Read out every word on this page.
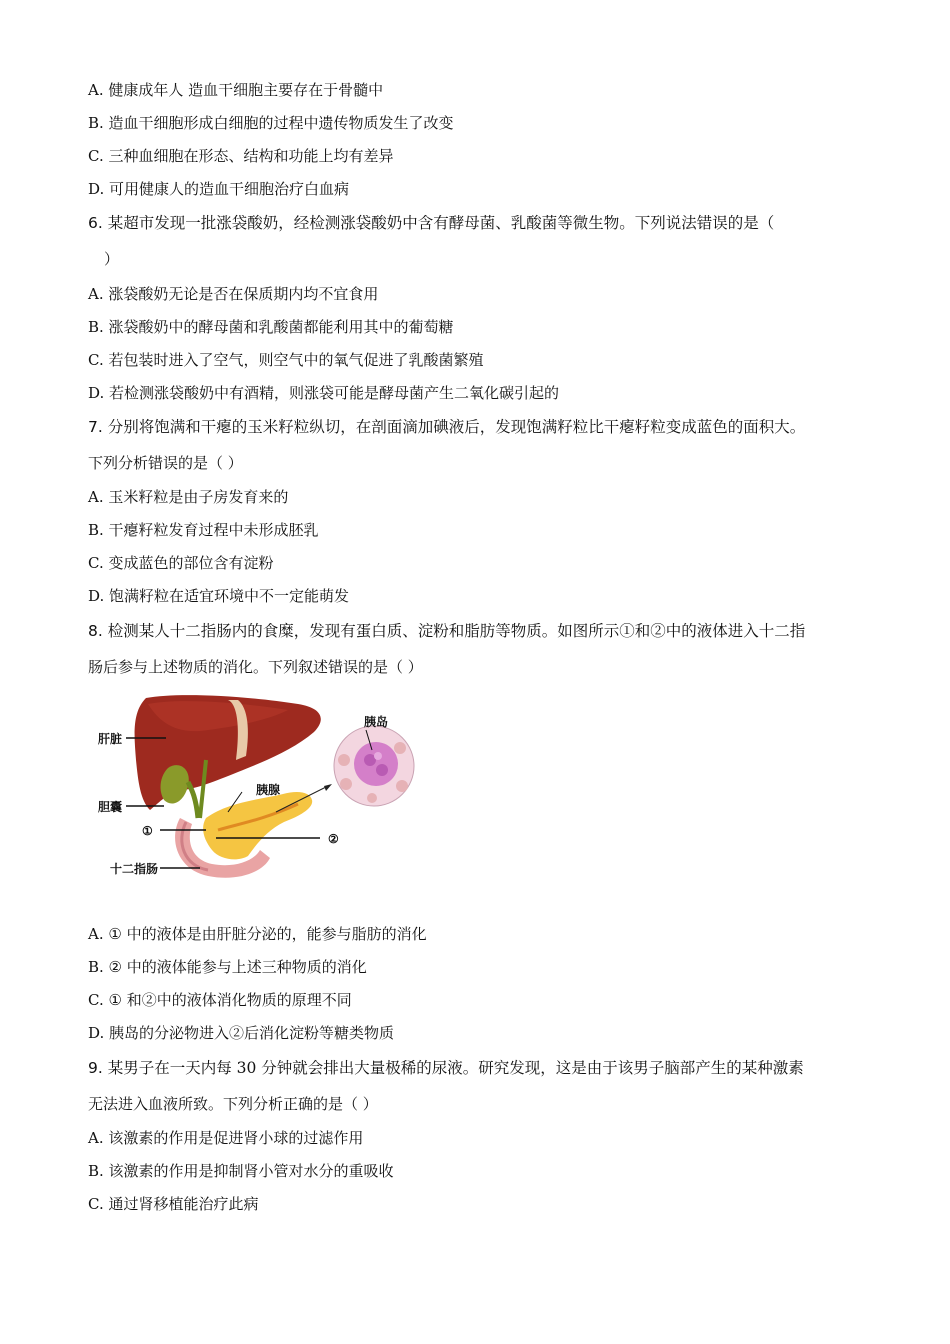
A. 健康成年人 造血干细胞主要存在于骨髓中
B. 造血干细胞形成白细胞的过程中遗传物质发生了改变
C. 三种血细胞在形态、结构和功能上均有差异
D. 可用健康人的造血干细胞治疗白血病
6. 某超市发现一批涨袋酸奶，经检测涨袋酸奶中含有酵母菌、乳酸菌等微生物。下列说法错误的是（
）
A. 涨袋酸奶无论是否在保质期内均不宜食用
B. 涨袋酸奶中的酵母菌和乳酸菌都能利用其中的葡萄糖
C. 若包装时进入了空气，则空气中的氧气促进了乳酸菌繁殖
D. 若检测涨袋酸奶中有酒精，则涨袋可能是酵母菌产生二氧化碳引起的
7. 分别将饱满和干瘪的玉米籽粒纵切，在剖面滴加碘液后，发现饱满籽粒比干瘪籽粒变成蓝色的面积大。
下列分析错误的是（ ）
A. 玉米籽粒是由子房发育来的
B. 干瘪籽粒发育过程中未形成胚乳
C. 变成蓝色的部位含有淀粉
D. 饱满籽粒在适宜环境中不一定能萌发
8. 检测某人十二指肠内的食糜，发现有蛋白质、淀粉和脂肪等物质。如图所示①和②中的液体进入十二指
肠后参与上述物质的消化。下列叙述错误的是（ ）
肝脏
胆囊
胰腺
胰岛
①
②
十二指肠
A. ① 中的液体是由肝脏分泌的，能参与脂肪的消化
B. ② 中的液体能参与上述三种物质的消化
C. ① 和②中的液体消化物质的原理不同
D. 胰岛的分泌物进入②后消化淀粉等糖类物质
9. 某男子在一天内每 30 分钟就会排出大量极稀的尿液。研究发现，这是由于该男子脑部产生的某种激素
无法进入血液所致。下列分析正确的是（ ）
A. 该激素的作用是促进肾小球的过滤作用
B. 该激素的作用是抑制肾小管对水分的重吸收
C. 通过肾移植能治疗此病
